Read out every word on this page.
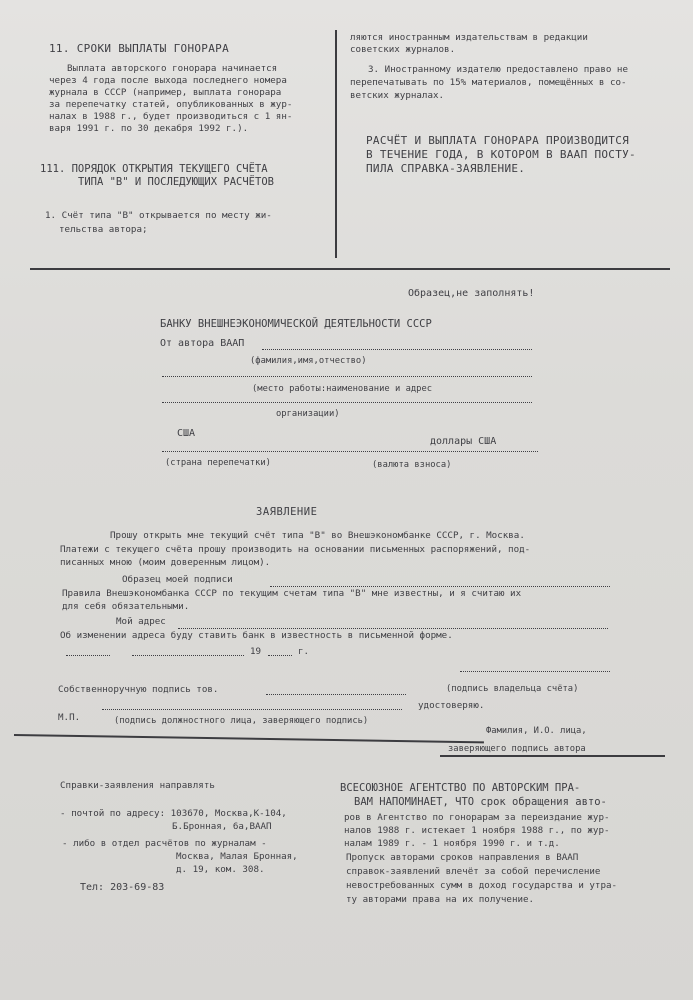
11. СРОКИ ВЫПЛАТЫ ГОНОРАРА
Выплата авторского гонорара начинается
через 4 года после выхода последнего номера
журнала в СССР (например, выплата гонорара
за перепечатку статей, опубликованных в жур-
налах в 1988 г., будет производиться с 1 ян-
варя 1991 г. по 30 декабря 1992 г.).
111. ПОРЯДОК ОТКРЫТИЯ ТЕКУЩЕГО СЧЁТА
ТИПА "В" И ПОСЛЕДУЮЩИХ РАСЧЁТОВ
1. Счёт типа "В" открывается по месту жи-
тельства автора;
ляются иностранным издательствам в редакции
советских журналов.
3. Иностранному издателю предоставлено право не
перепечатывать по 15% материалов, помещённых в со-
ветских журналах.
РАСЧЁТ И ВЫПЛАТА ГОНОРАРА ПРОИЗВОДИТСЯ
В ТЕЧЕНИЕ ГОДА, В КОТОРОМ В ВААП ПОСТУ-
ПИЛА СПРАВКА-ЗАЯВЛЕНИЕ.
Образец,не заполнять!
БАНКУ ВНЕШНЕЭКОНОМИЧЕСКОЙ ДЕЯТЕЛЬНОСТИ СССР
От автора ВААП
(фамилия,имя,отчество)
(место работы:наименование и адрес
организации)
США
доллары США
(страна перепечатки)	(валюта взноса)
ЗАЯВЛЕНИЕ
Прошу открыть мне текущий счёт типа "В" во Внешэкономбанке СССР, г. Москва.
Платежи с текущего счёта прошу производить на основании письменных распоряжений, под-
писанных мною (моим доверенным лицом).
Образец моей подписи
Правила Внешэкономбанка СССР по текущим счетам типа "В" мне известны, и я считаю их
для себя обязательными.
Мой адрес
Об изменении адреса буду ставить банк в известность в письменной форме.
19	г.
Собственноручную подпись тов.	(подпись владельца счёта)
удостоверяю.
М.П.	(подпись должностного лица, заверяющего подпись)
Фамилия, И.О. лица,
заверяющего подпись автора
Справки-заявления направлять
- почтой по адресу: 103670, Москва,К-104,
Б.Бронная, 6а,ВААП
- либо в отдел расчётов по журналам -
Москва, Малая Бронная,
д. 19, ком. 308.
Тел: 203-69-83
ВСЕСОЮЗНОЕ АГЕНТСТВО ПО АВТОРСКИМ ПРА-
ВАМ НАПОМИНАЕТ, ЧТО срок обращения авто-
ров в Агентство по гонорарам за переиздание жур-
налов 1988 г. истекает 1 ноября 1988 г., по жур-
налам 1989 г. - 1 ноября 1990 г. и т.д.
Пропуск авторами сроков направления в ВААП
справок-заявлений влечёт за собой перечисление
невостребованных сумм в доход государства и утра-
ту авторами права на их получение.
